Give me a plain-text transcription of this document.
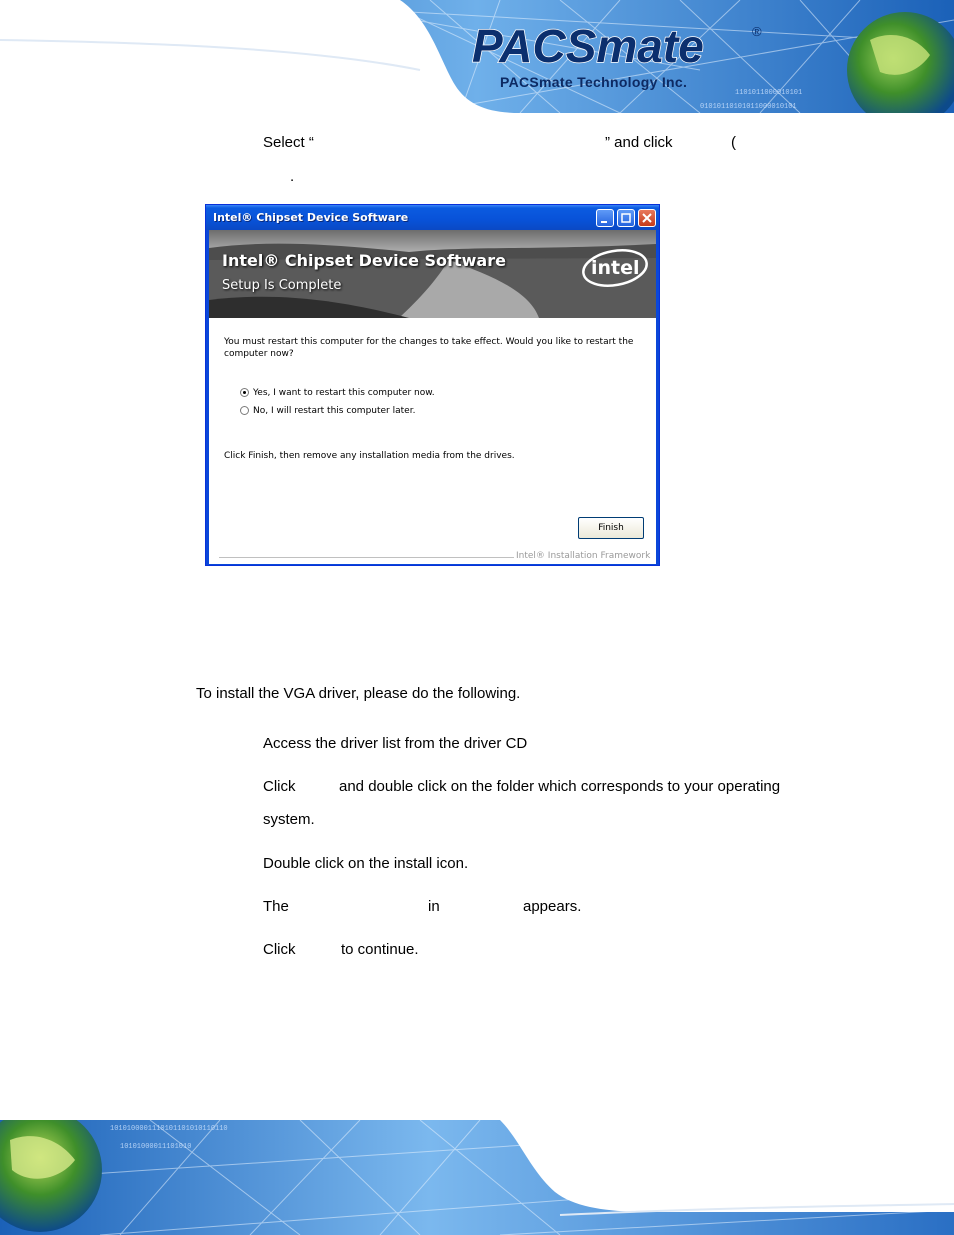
1101011000010101
01010110101011000010101
PACSmate	®
PACSmate Technology Inc.
Select “	” and click	(
.
Intel® Chipset Device Software
Intel® Chipset Device Software
Setup Is Complete
intel
You must restart this computer for the changes to take effect. Would you like to restart the
computer now?
Yes, I want to restart this computer now.
No, I will restart this computer later.
Click Finish, then remove any installation media from the drives.
Finish
Intel® Installation Framework
To install the VGA driver, please do the following.
Access the driver list from the driver CD
Click	and double click on the folder which corresponds to your operating
system.
Double click on the install icon.
The	in	appears.
Click	to continue.
1010100001110101101010110110
10101000011101010
